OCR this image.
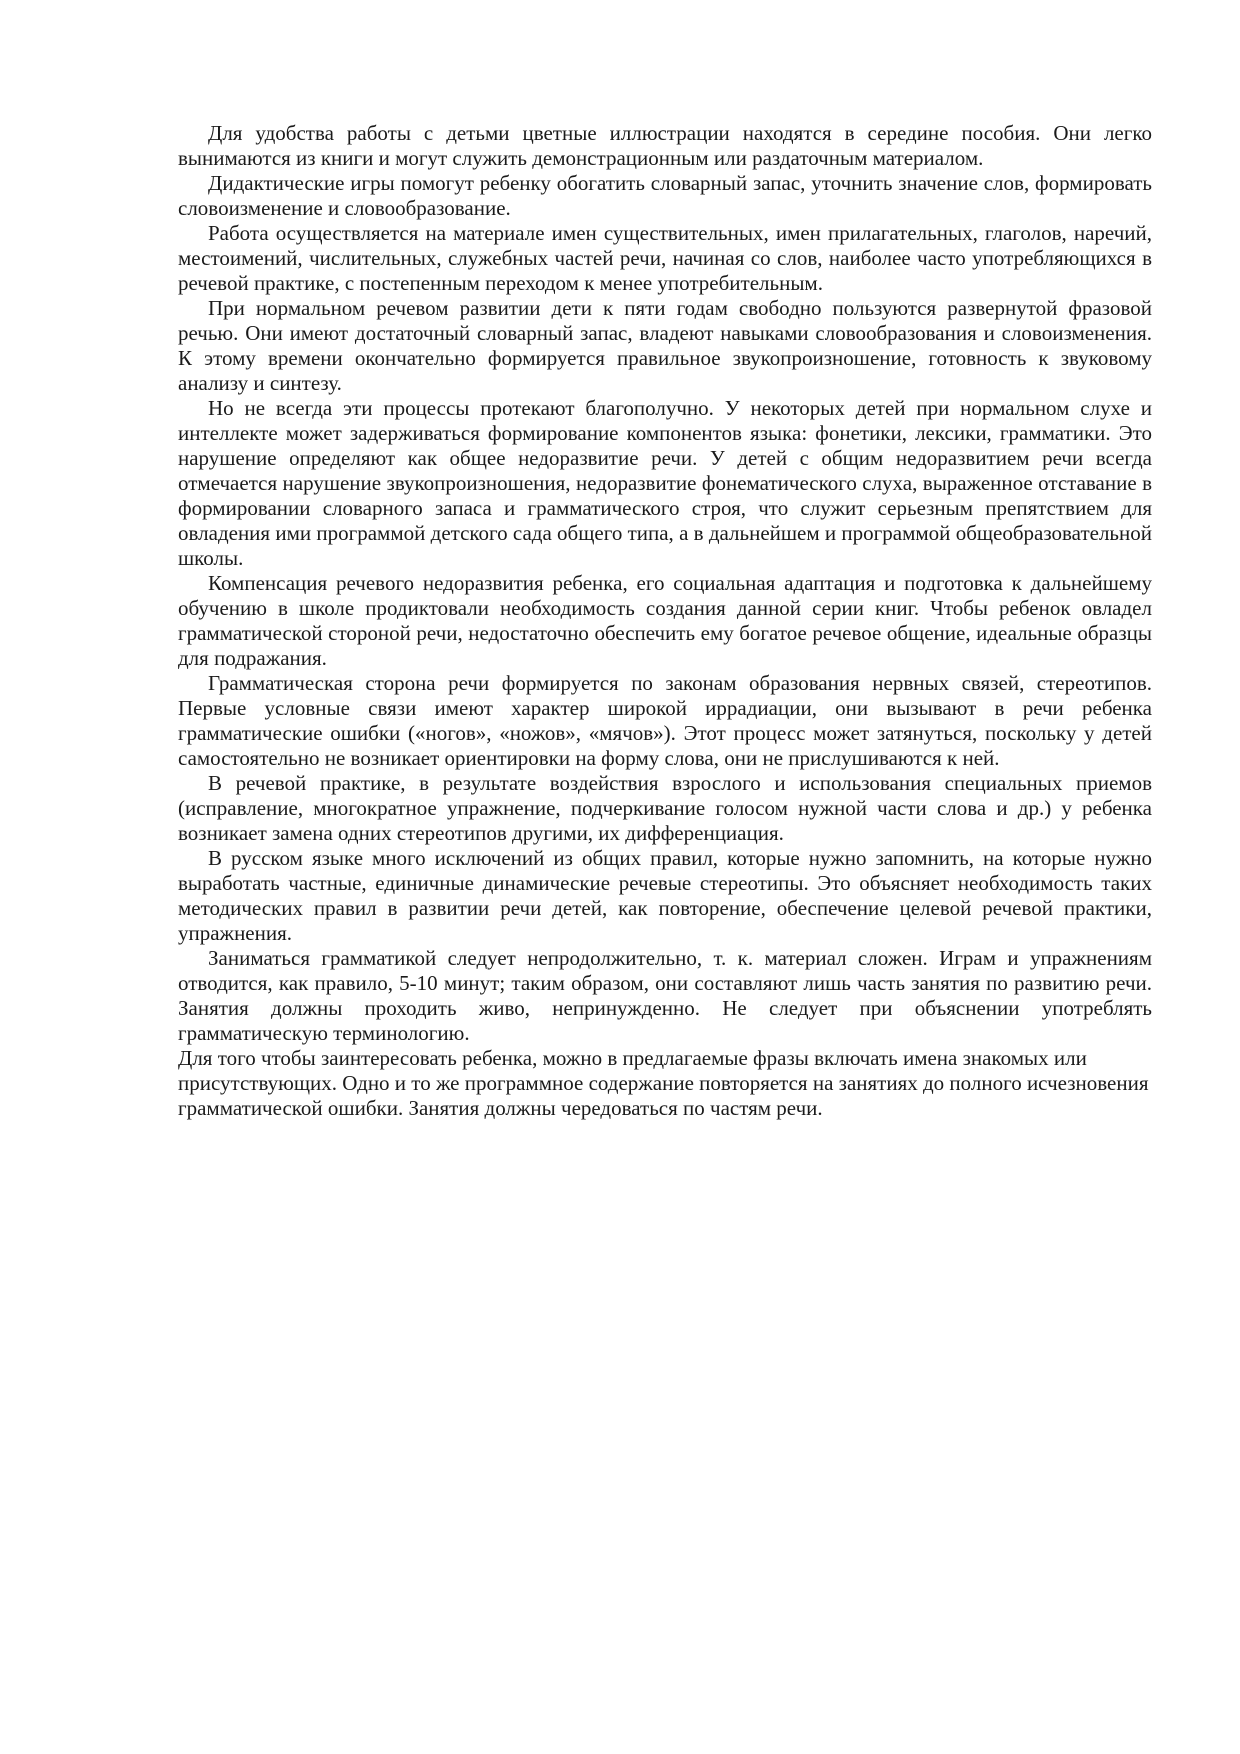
Для удобства работы с детьми цветные иллюстрации находятся в середине пособия. Они легко вынимаются из книги и могут служить демонстрационным или раздаточным материалом.

Дидактические игры помогут ребенку обогатить словарный запас, уточнить значение слов, формировать словоизменение и словообразование.

Работа осуществляется на материале имен существительных, имен прилагательных, глаголов, наречий, местоимений, числительных, служебных частей речи, начиная со слов, наиболее часто употребляющихся в речевой практике, с постепенным переходом к менее употребительным.

При нормальном речевом развитии дети к пяти годам свободно пользуются развернутой фразовой речью. Они имеют достаточный словарный запас, владеют навыками словообразования и словоизменения. К этому времени окончательно формируется правильное звукопроизношение, готовность к звуковому анализу и синтезу.

Но не всегда эти процессы протекают благополучно. У некоторых детей при нормальном слухе и интеллекте может задерживаться формирование компонентов языка: фонетики, лексики, грамматики. Это нарушение определяют как общее недоразвитие речи. У детей с общим недоразвитием речи всегда отмечается нарушение звукопроизношения, недоразвитие фонематического слуха, выраженное отставание в формировании словарного запаса и грамматического строя, что служит серьезным препятствием для овладения ими программой детского сада общего типа, а в дальнейшем и программой общеобразовательной школы.

Компенсация речевого недоразвития ребенка, его социальная адаптация и подготовка к дальнейшему обучению в школе продиктовали необходимость создания данной серии книг. Чтобы ребенок овладел грамматической стороной речи, недостаточно обеспечить ему богатое речевое общение, идеальные образцы для подражания.

Грамматическая сторона речи формируется по законам образования нервных связей, стереотипов. Первые условные связи имеют характер широкой иррадиации, они вызывают в речи ребенка грамматические ошибки («ногов», «ножов», «мячов»). Этот процесс может затянуться, поскольку у детей самостоятельно не возникает ориентировки на форму слова, они не прислушиваются к ней.

В речевой практике, в результате воздействия взрослого и использования специальных приемов (исправление, многократное упражнение, подчеркивание голосом нужной части слова и др.) у ребенка возникает замена одних стереотипов другими, их дифференциация.

В русском языке много исключений из общих правил, которые нужно запомнить, на которые нужно выработать частные, единичные динамические речевые стереотипы. Это объясняет необходимость таких методических правил в развитии речи детей, как повторение, обеспечение целевой речевой практики, упражнения.

Заниматься грамматикой следует непродолжительно, т. к. материал сложен. Играм и упражнениям отводится, как правило, 5-10 минут; таким образом, они составляют лишь часть занятия по развитию речи. Занятия должны проходить живо, непринужденно. Не следует при объяснении употреблять грамматическую терминологию.

Для того чтобы заинтересовать ребенка, можно в предлагаемые фразы включать имена знакомых или присутствующих. Одно и то же программное содержание повторяется на занятиях до полного исчезновения грамматической ошибки. Занятия должны чередоваться по частям речи.
